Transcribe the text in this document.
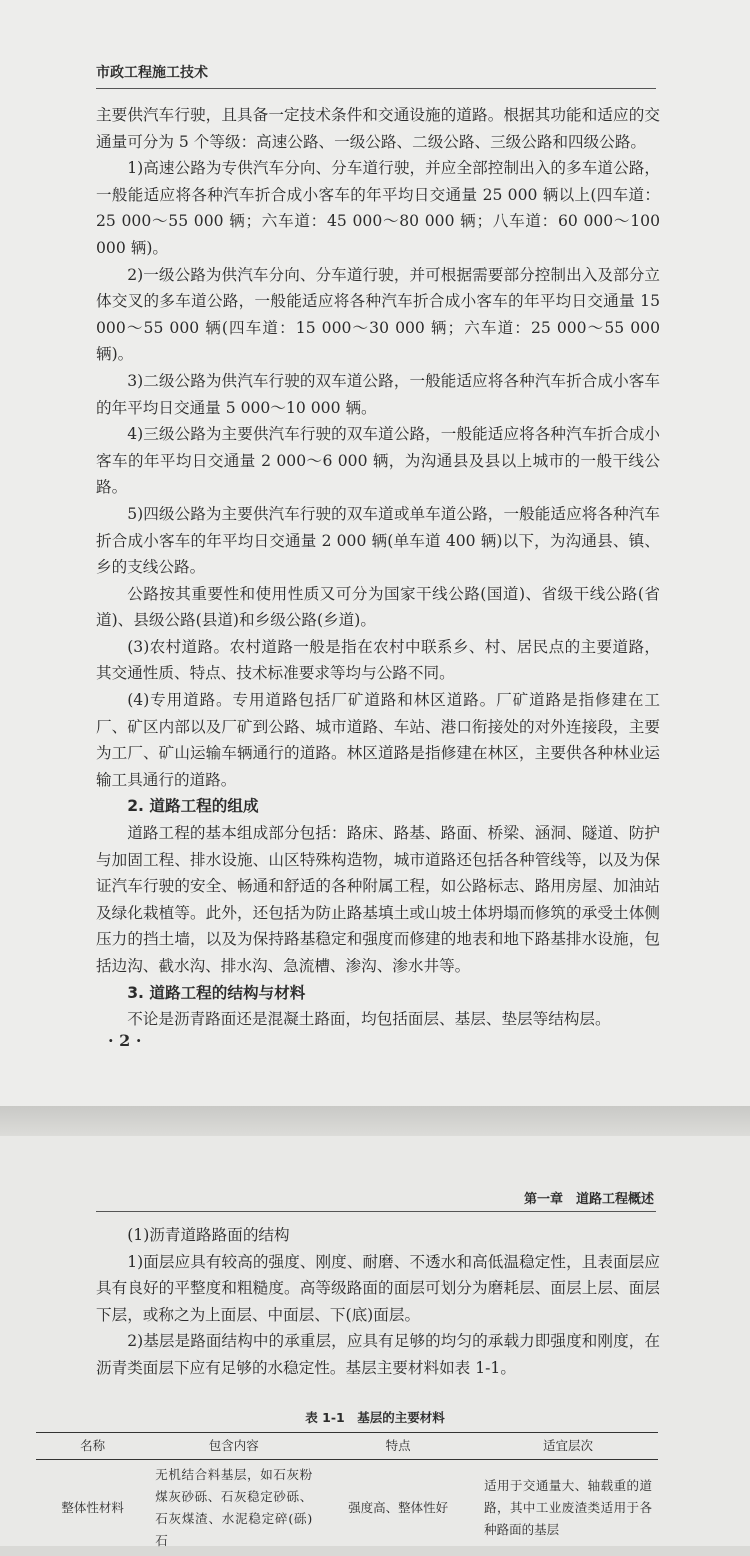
市政工程施工技术

主要供汽车行驶，且具备一定技术条件和交通设施的道路。根据其功能和适应的交通量可分为 5 个等级：高速公路、一级公路、二级公路、三级公路和四级公路。

1)高速公路为专供汽车分向、分车道行驶，并应全部控制出入的多车道公路，一般能适应将各种汽车折合成小客车的年平均日交通量 25 000 辆以上(四车道：25 000～55 000 辆；六车道：45 000～80 000 辆；八车道：60 000～100 000 辆)。

2)一级公路为供汽车分向、分车道行驶，并可根据需要部分控制出入及部分立体交叉的多车道公路，一般能适应将各种汽车折合成小客车的年平均日交通量 15 000～55 000 辆(四车道：15 000～30 000 辆；六车道：25 000～55 000 辆)。

3)二级公路为供汽车行驶的双车道公路，一般能适应将各种汽车折合成小客车的年平均日交通量 5 000～10 000 辆。

4)三级公路为主要供汽车行驶的双车道公路，一般能适应将各种汽车折合成小客车的年平均日交通量 2 000～6 000 辆，为沟通县及县以上城市的一般干线公路。

5)四级公路为主要供汽车行驶的双车道或单车道公路，一般能适应将各种汽车折合成小客车的年平均日交通量 2 000 辆(单车道 400 辆)以下，为沟通县、镇、乡的支线公路。

公路按其重要性和使用性质又可分为国家干线公路(国道)、省级干线公路(省道)、县级公路(县道)和乡级公路(乡道)。

(3)农村道路。农村道路一般是指在农村中联系乡、村、居民点的主要道路，其交通性质、特点、技术标准要求等均与公路不同。

(4)专用道路。专用道路包括厂矿道路和林区道路。厂矿道路是指修建在工厂、矿区内部以及厂矿到公路、城市道路、车站、港口衔接处的对外连接段，主要为工厂、矿山运输车辆通行的道路。林区道路是指修建在林区，主要供各种林业运输工具通行的道路。

2. 道路工程的组成

道路工程的基本组成部分包括：路床、路基、路面、桥梁、涵洞、隧道、防护与加固工程、排水设施、山区特殊构造物，城市道路还包括各种管线等，以及为保证汽车行驶的安全、畅通和舒适的各种附属工程，如公路标志、路用房屋、加油站及绿化栽植等。此外，还包括为防止路基填土或山坡土体坍塌而修筑的承受土体侧压力的挡土墙，以及为保持路基稳定和强度而修建的地表和地下路基排水设施，包括边沟、截水沟、排水沟、急流槽、渗沟、渗水井等。

3. 道路工程的结构与材料

不论是沥青路面还是混凝土路面，均包括面层、基层、垫层等结构层。

· 2 ·
第一章　道路工程概述

(1)沥青道路路面的结构

1)面层应具有较高的强度、刚度、耐磨、不透水和高低温稳定性，且表面层应具有良好的平整度和粗糙度。高等级路面的面层可划分为磨耗层、面层上层、面层下层，或称之为上面层、中面层、下(底)面层。

2)基层是路面结构中的承重层，应具有足够的均匀的承载力即强度和刚度，在沥青类面层下应有足够的水稳定性。基层主要材料如表 1-1。

表 1-1　基层的主要材料
名称	包含内容	特点	适宜层次
整体性材料	无机结合料基层，如石灰粉煤灰砂砾、石灰稳定砂砾、石灰煤渣、水泥稳定碎(砾)石	强度高、整体性好	适用于交通量大、轴载重的道路，其中工业废渣类适用于各种路面的基层
